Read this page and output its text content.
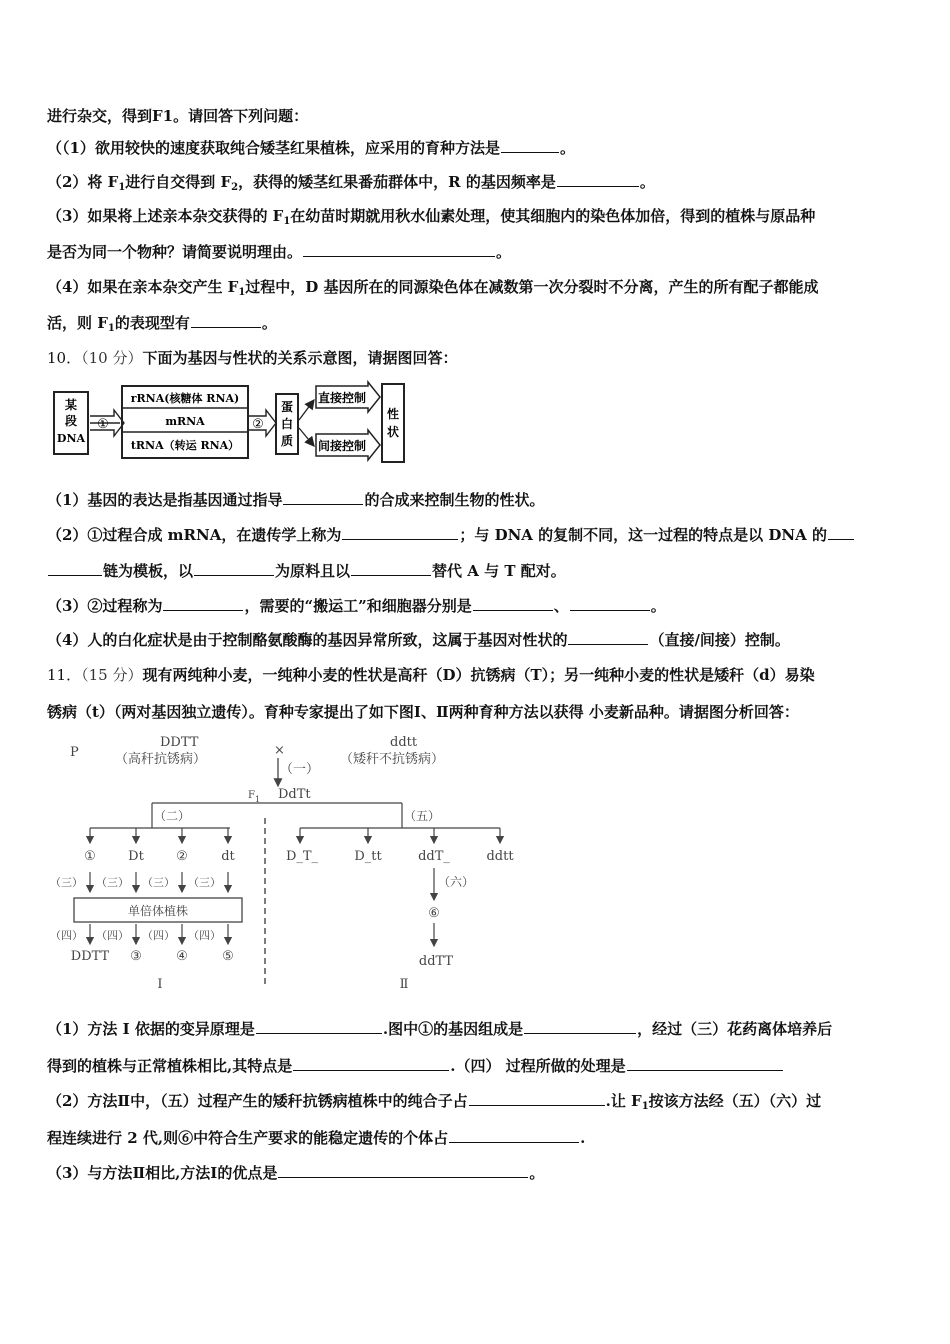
进行杂交，得到F1。请回答下列问题：
（（1）欲用较快的速度获取纯合矮茎红果植株，应采用的育种方法是	。
（2）将 $F_1$进行自交得到 $F_2$，获得的矮茎红果番茄群体中，R 的基因频率是	。
（3）如果将上述亲本杂交获得的 $F_1$在幼苗时期就用秋水仙素处理，使其细胞内的染色体加倍，得到的植株与原品种
是否为同一个物种？请简要说明理由。	。
（4）如果在亲本杂交产生 $F_1$过程中，D 基因所在的同源染色体在减数第一次分裂时不分离，产生的所有配子都能成
活，则 $F_1$的表现型有	。
10．（10 分）下面为基因与性状的关系示意图，请据图回答：
某
段
DNA
①
rRNA(核糖体 RNA)
mRNA
tRNA（转运 RNA）
②
蛋
白
质
直接控制
间接控制
性
状
（1）基因的表达是指基因通过指导	的合成来控制生物的性状。
（2）①过程合成 mRNA，在遗传学上称为	；与 DNA 的复制不同，这一过程的特点是以 DNA 的
链为模板，以	为原料且以	替代 A 与 T 配对。
（3）②过程称为	，需要的“搬运工”和细胞器分别是	、	。
（4）人的白化症状是由于控制酪氨酸酶的基因异常所致，这属于基因对性状的	（直接/间接）控制。
11．（15 分）现有两纯种小麦，一纯种小麦的性状是高秆（D）抗锈病（T）；另一纯种小麦的性状是矮秆（d）易染
锈病（t）（两对基因独立遗传）。育种专家提出了如下图Ⅰ、Ⅱ两种育种方法以获得 小麦新品种。请据图分析回答：
P
DDTT
（高秆抗锈病）
×
ddtt
（矮秆不抗锈病）
（一）
F 1 DdTt
（二）	（五）
① Dt ②	dt	D_T_	D_tt	ddT_	ddtt
（三） （三） （三） （三）
单倍体植株
（四） （四） （四） （四）
DDTT ③	④	⑤
Ⅰ	Ⅱ
（六）
⑥
ddTT
（1）方法 I 依据的变异原理是	.图中①的基因组成是	，经过（三）花药离体培养后
得到的植株与正常植株相比,其特点是	.（四） 过程所做的处理是
（2）方法Ⅱ中，（五）过程产生的矮秆抗锈病植株中的纯合子占	.让 $F_1$按该方法经（五）（六）过
程连续进行 2 代,则⑥中符合生产要求的能稳定遗传的个体占	.
（3）与方法Ⅱ相比,方法Ⅰ的优点是	。
